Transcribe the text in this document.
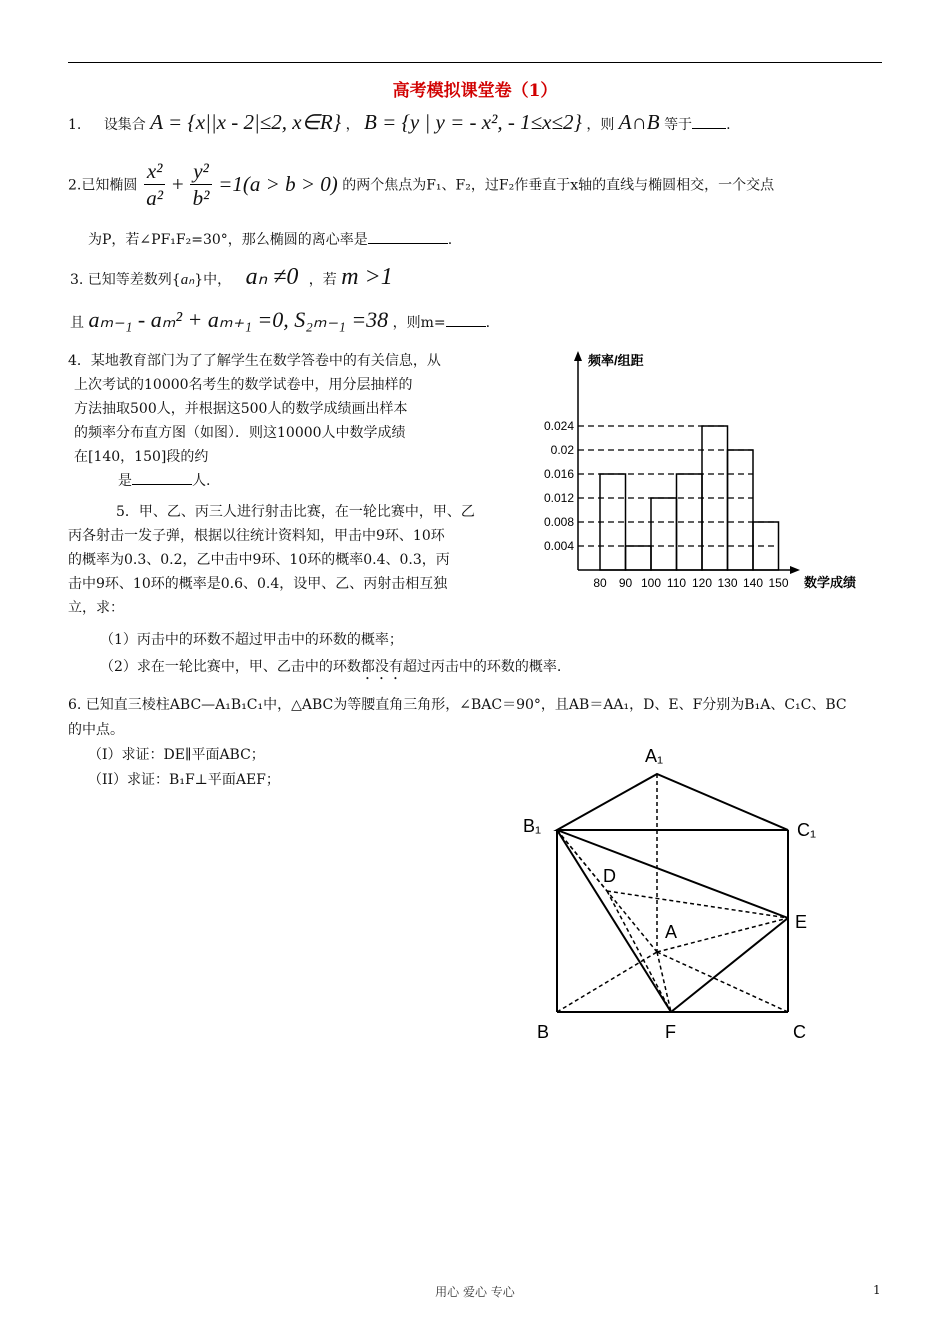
高考模拟课堂卷（1）
1. 设集合 A = {x||x - 2|≤2, x∈R} ， B = {y | y = - x², - 1≤x≤2} ，则 A∩B 等于 .
2.已知椭圆 $\frac{\text{x²}}{\text{a²}} + \frac{\text{y²}}{\text{b²}} =1(a > b > 0)$ 的两个焦点为F₁、F₂，过F₂作垂直于x轴的直线与椭圆相交，一个交点
为P，若∠PF₁F₂=30°，那么椭圆的离心率是	.
3. 已知等差数列{aₙ}中， aₙ ≠0 ，若 m >1
且 aₘ₋₁ - aₘ² + aₘ₊₁ =0, S₂ₘ₋₁ =38 ，则m=	.
4．某地教育部门为了了解学生在数学答卷中的有关信息，从
上次考试的10000名考生的数学试卷中，用分层抽样的
方法抽取500人，并根据这500人的数学成绩画出样本
的频率分布直方图（如图）．则这10000人中数学成绩
在[140，150]段的约
是	人.
5．甲、乙、丙三人进行射击比赛，在一轮比赛中，甲、乙
丙各射击一发子弹，根据以往统计资料知，甲击中9环、10环
的概率为0.3、0.2，乙中击中9环、10环的概率0.4、0.3，丙
击中9环、10环的概率是0.6、0.4，设甲、乙、丙射击相互独
立，求：
（1）丙击中的环数不超过甲击中的环数的概率；
（2）求在一轮比赛中，甲、乙击中的环数都没有超过丙击中的环数的概率.
频率/组距
数学成绩
0.004
0.008
0.012
0.016
0.02
0.024
80 90 100 110 120 130 140 150
6. 已知直三棱柱ABC—A₁B₁C₁中，△ABC为等腰直角三角形，∠BAC＝90°，且AB＝AA₁，D、E、F分别为B₁A、C₁C、BC
的中点。
（I）求证：DE∥平面ABC；
（II）求证：B₁F⊥平面AEF；
A₁
B₁	C₁
D
E
A
B	F	C
用心 爱心 专心	1
